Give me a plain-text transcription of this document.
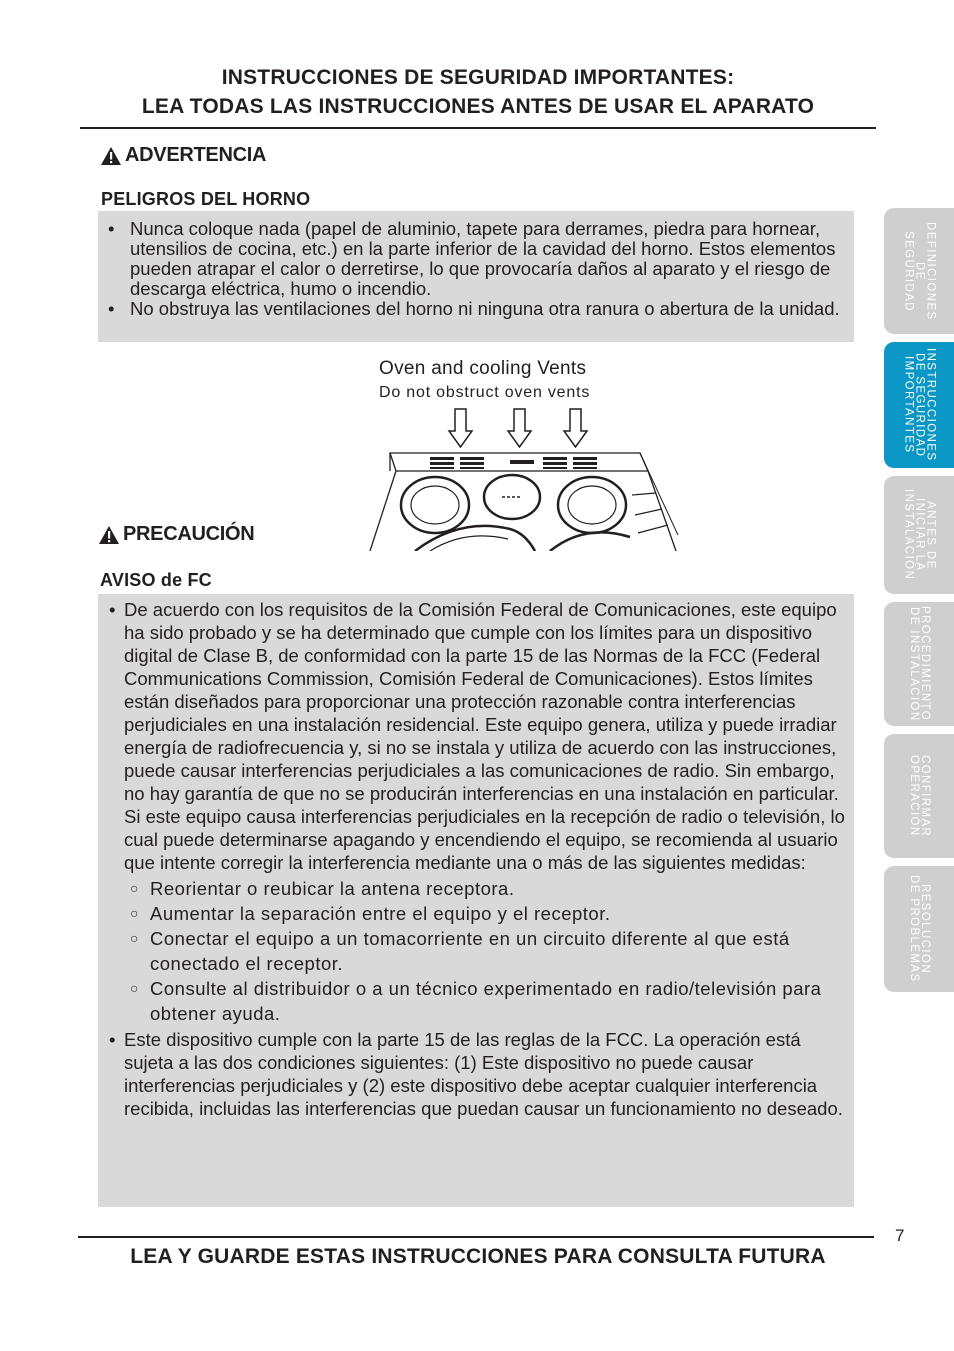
INSTRUCCIONES DE SEGURIDAD IMPORTANTES:
LEA TODAS LAS INSTRUCCIONES ANTES DE USAR EL APARATO
ADVERTENCIA
PELIGROS DEL HORNO
• Nunca coloque nada (papel de aluminio, tapete para derrames, piedra para hornear, utensilios de cocina, etc.) en la parte inferior de la cavidad del horno. Estos elementos pueden atrapar el calor o derretirse, lo que provocaría daños al aparato y el riesgo de descarga eléctrica, humo o incendio.
• No obstruya las ventilaciones del horno ni ninguna otra ranura o abertura de la unidad.
Oven and cooling Vents
Do not obstruct oven vents
PRECAUCIÓN
AVISO de FC
• De acuerdo con los requisitos de la Comisión Federal de Comunicaciones, este equipo ha sido probado y se ha determinado que cumple con los límites para un dispositivo digital de Clase B, de conformidad con la parte 15 de las Normas de la FCC (Federal Communications Commission, Comisión Federal de Comunicaciones). Estos límites están diseñados para proporcionar una protección razonable contra interferencias perjudiciales en una instalación residencial. Este equipo genera, utiliza y puede irradiar energía de radiofrecuencia y, si no se instala y utiliza de acuerdo con las instrucciones, puede causar interferencias perjudiciales a las comunicaciones de radio. Sin embargo, no hay garantía de que no se producirán interferencias en una instalación en particular. Si este equipo causa interferencias perjudiciales en la recepción de radio o televisión, lo cual puede determinarse apagando y encendiendo el equipo, se recomienda al usuario que intente corregir la interferencia mediante una o más de las siguientes medidas:
○ Reorientar o reubicar la antena receptora.
○ Aumentar la separación entre el equipo y el receptor.
○ Conectar el equipo a un tomacorriente en un circuito diferente al que está conectado el receptor.
○ Consulte al distribuidor o a un técnico experimentado en radio/televisión para obtener ayuda.
• Este dispositivo cumple con la parte 15 de las reglas de la FCC. La operación está sujeta a las dos condiciones siguientes: (1) Este dispositivo no puede causar interferencias perjudiciales y (2) este dispositivo debe aceptar cualquier interferencia recibida, incluidas las interferencias que puedan causar un funcionamiento no deseado.
DEFINICIONES
DE
SEGURIDAD
INSTRUCCIONES
DE SEGURIDAD
IMPORTANTES
ANTES DE
INICIAR LA
INSTALACIÓN
PROCEDIMIENTO
DE INSTALACIÓN
CONFIRMAR
OPERACIÓN
RESOLUCIÓN
DE PROBLEMAS
7
LEA Y GUARDE ESTAS INSTRUCCIONES PARA CONSULTA FUTURA
